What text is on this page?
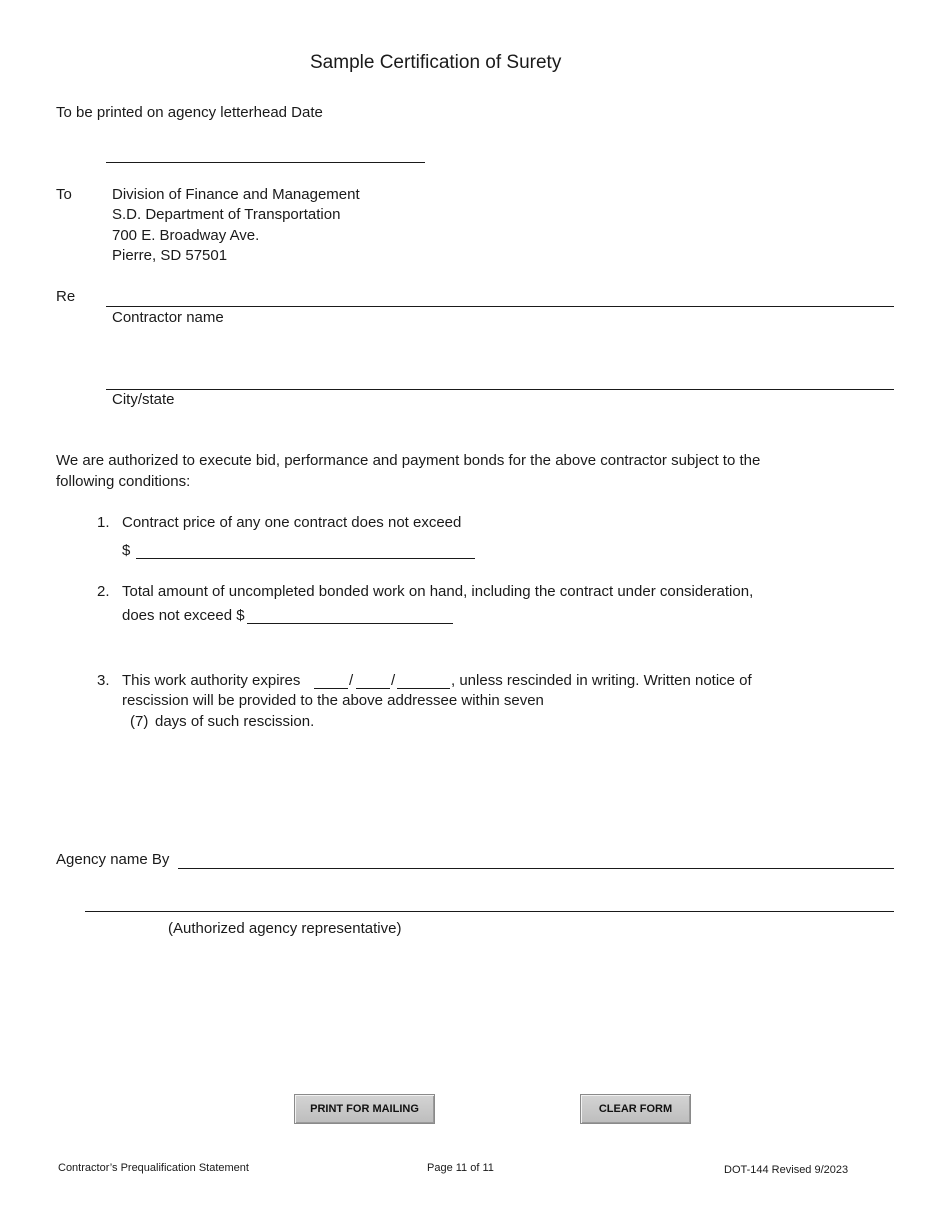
Sample Certification of Surety
To be printed on agency letterhead Date
To	Division of Finance and Management
S.D. Department of Transportation
700 E. Broadway Ave.
Pierre, SD 57501
Re
Contractor name
City/state
We are authorized to execute bid, performance and payment bonds for the above contractor subject to the
following conditions:
1. Contract price of any one contract does not exceed
$
2. Total amount of uncompleted bonded work on hand, including the contract under consideration,
does not exceed $
3. This work authority expires	/	/	, unless rescinded in writing. Written notice of
rescission will be provided to the above addressee within seven
(7) days of such rescission.
Agency name By
(Authorized agency representative)
PRINT FOR MAILING	CLEAR FORM
Contractor’s Prequalification Statement	Page 11 of 11	DOT-144 Revised 9/2023
